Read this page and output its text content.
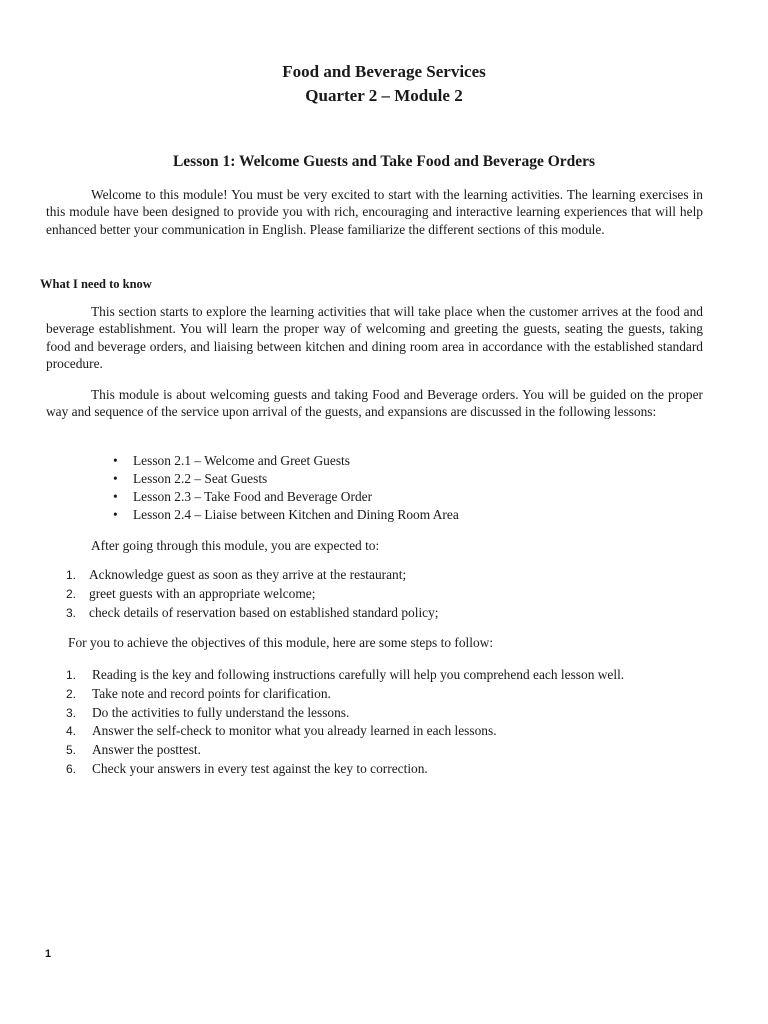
Food and Beverage Services
Quarter 2 – Module 2
Lesson 1: Welcome Guests and Take Food and Beverage Orders

Welcome to this module! You must be very excited to start with the learning activities. The learning exercises in this module have been designed to provide you with rich, encouraging and interactive learning experiences that will help enhanced better your communication in English. Please familiarize the different sections of this module.

What I need to know

This section starts to explore the learning activities that will take place when the customer arrives at the food and beverage establishment. You will learn the proper way of welcoming and greeting the guests, seating the guests, taking food and beverage orders, and liaising between kitchen and dining room area in accordance with the established standard procedure.

This module is about welcoming guests and taking Food and Beverage orders. You will be guided on the proper way and sequence of the service upon arrival of the guests, and expansions are discussed in the following lessons:

• Lesson 2.1 – Welcome and Greet Guests
• Lesson 2.2 – Seat Guests
• Lesson 2.3 – Take Food and Beverage Order
• Lesson 2.4 – Liaise between Kitchen and Dining Room Area
After going through this module, you are expected to:
1. Acknowledge guest as soon as they arrive at the restaurant;
2. greet guests with an appropriate welcome;
3. check details of reservation based on established standard policy;
For you to achieve the objectives of this module, here are some steps to follow:
1. Reading is the key and following instructions carefully will help you comprehend each lesson well.
2. Take note and record points for clarification.
3. Do the activities to fully understand the lessons.
4. Answer the self-check to monitor what you already learned in each lessons.
5. Answer the posttest.
6. Check your answers in every test against the key to correction.
1
